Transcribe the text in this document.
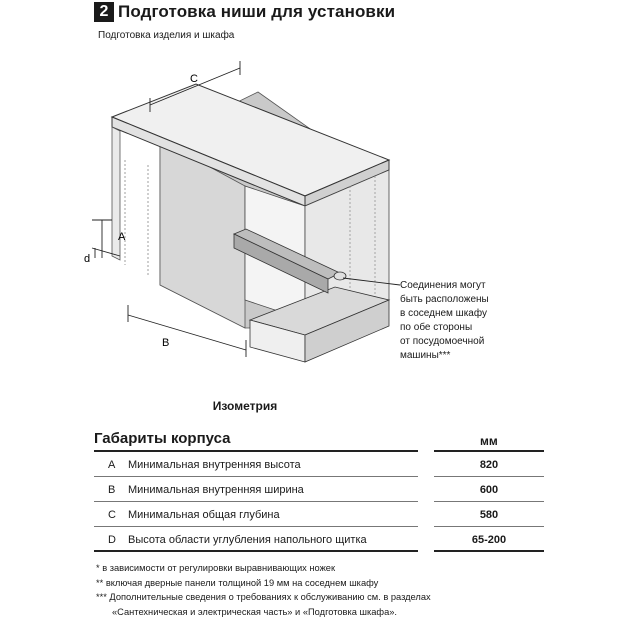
2 Подготовка ниши для установки
Подготовка изделия и шкафа
A
d
B
C
Соединения могут
быть расположены
в соседнем шкафу
по обе стороны
от посудомоечной
машины***
Изометрия
Габариты корпуса	мм
A Минимальная внутренняя высота	820
B Минимальная внутренняя ширина	600
C Минимальная общая глубина	580
D Высота области углубления напольного щитка	65-200
* в зависимости от регулировки выравнивающих ножек
** включая дверные панели толщиной 19 мм на соседнем шкафу
*** Дополнительные сведения о требованиях к обслуживанию см. в разделах
«Сантехническая и электрическая часть» и «Подготовка шкафа».
